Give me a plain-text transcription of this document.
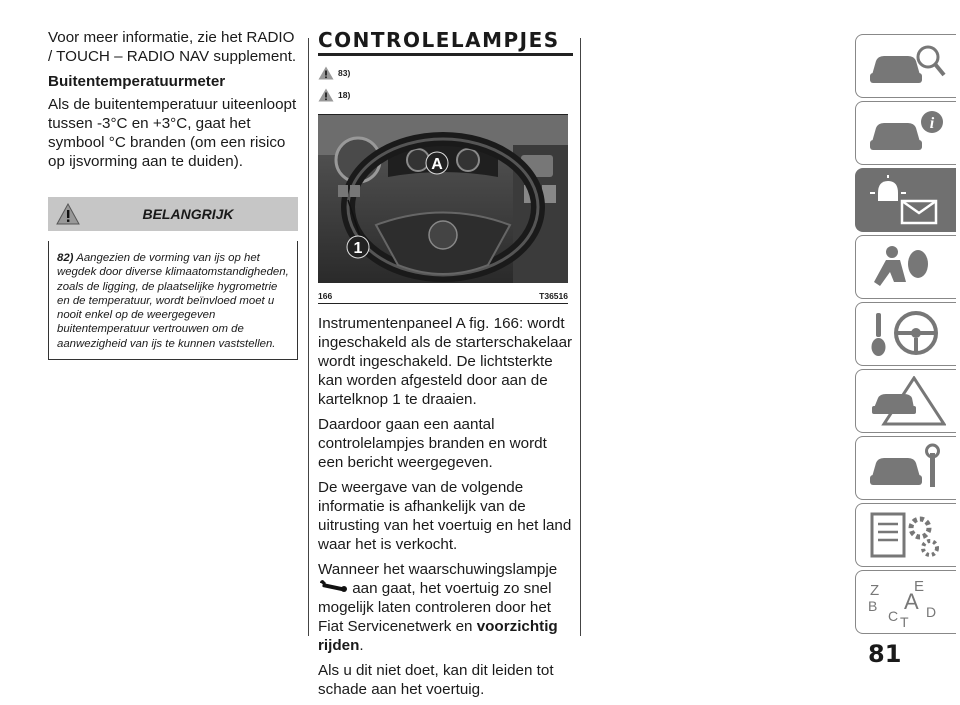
Voor meer informatie, zie het RADIO / TOUCH – RADIO NAV supplement.

Buitentemperatuurmeter

Als de buitentemperatuur uiteenloopt tussen -3°C en +3°C, gaat het symbool °C branden (om een risico op ijsvorming aan te duiden).

BELANGRIJK
82) Aangezien de vorming van ijs op het wegdek door diverse klimaatomstandigheden, zoals de ligging, de plaatselijke hygrometrie en de temperatuur, wordt beïnvloed moet u nooit enkel op de weergegeven buitentemperatuur vertrouwen om de aanwezigheid van ijs te kunnen vaststellen.
CONTROLELAMPJES
83)
18)
A
1
166	T36516

Instrumentenpaneel A fig. 166: wordt ingeschakeld als de starterschakelaar wordt ingeschakeld. De lichtsterkte kan worden afgesteld door aan de kartelknop 1 te draaien.

Daardoor gaan een aantal controlelampjes branden en wordt een bericht weergegeven.

De weergave van de volgende informatie is afhankelijk van de uitrusting van het voertuig en het land waar het is verkocht.

Wanneer het waarschuwingslampje
aan gaat, het voertuig zo snel mogelijk laten controleren door het Fiat Servicenetwerk en voorzichtig rijden.

Als u dit niet doet, kan dit leiden tot schade aan het voertuig.

i
Z E
B A
C D
T
81
